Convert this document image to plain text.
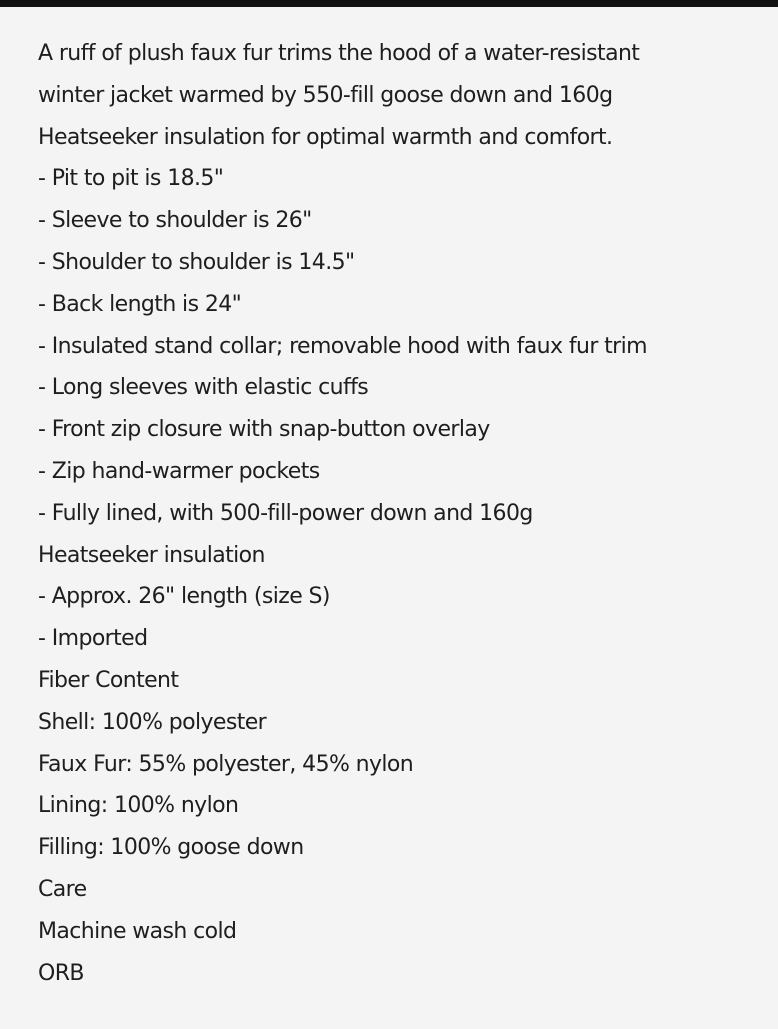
A ruff of plush faux fur trims the hood of a water-resistant
winter jacket warmed by 550-fill goose down and 160g
Heatseeker insulation for optimal warmth and comfort.
- Pit to pit is 18.5"
- Sleeve to shoulder is 26"
- Shoulder to shoulder is 14.5"
- Back length is 24"
- Insulated stand collar; removable hood with faux fur trim
- Long sleeves with elastic cuffs
- Front zip closure with snap-button overlay
- Zip hand-warmer pockets
- Fully lined, with 500-fill-power down and 160g
Heatseeker insulation
- Approx. 26" length (size S)
- Imported
Fiber Content
Shell: 100% polyester
Faux Fur: 55% polyester, 45% nylon
Lining: 100% nylon
Filling: 100% goose down
Care
Machine wash cold
ORB
